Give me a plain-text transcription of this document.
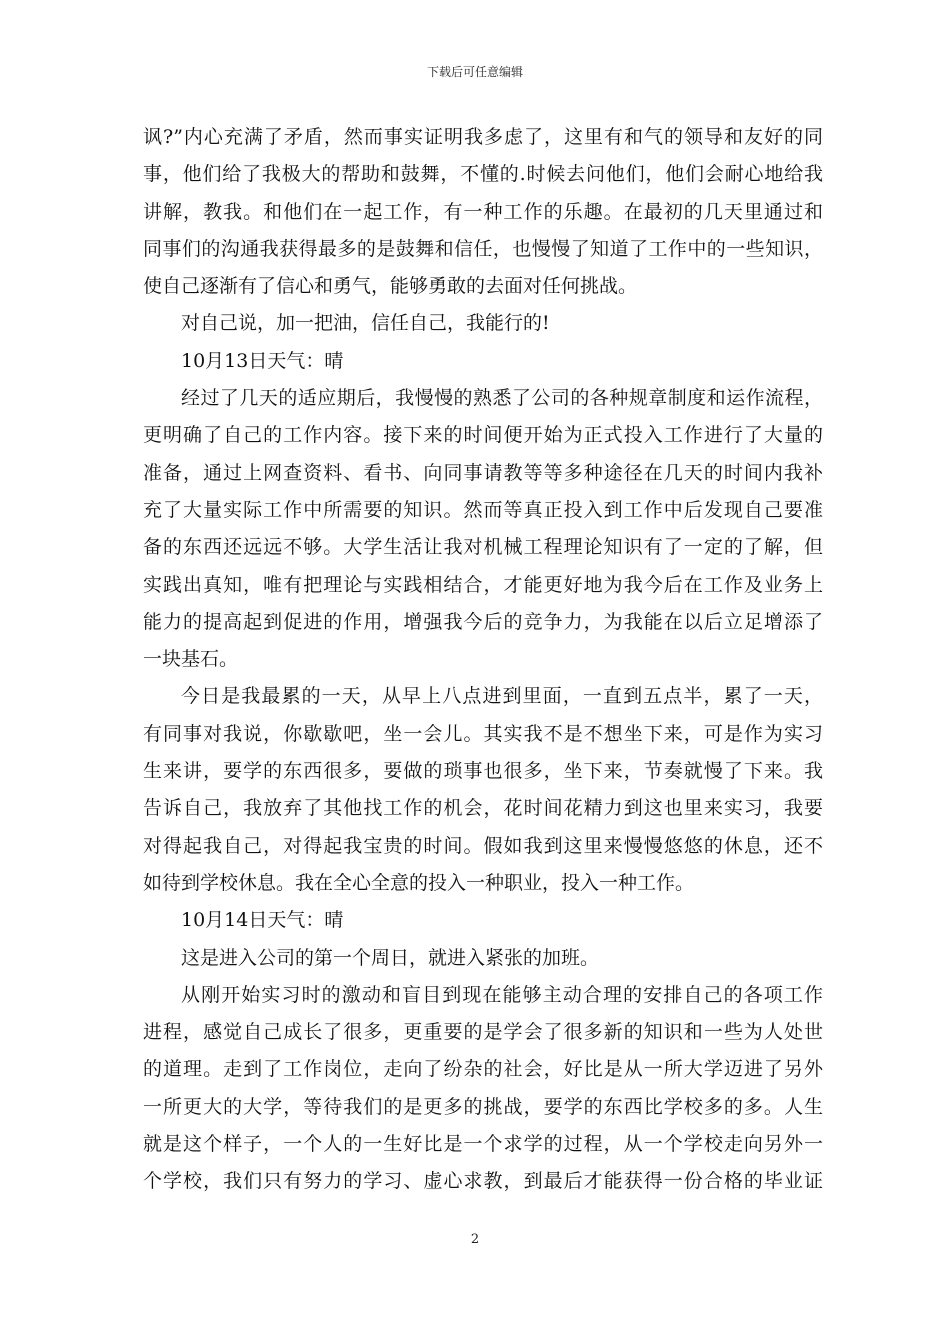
下载后可任意编辑
讽?”内心充满了矛盾，然而事实证明我多虑了，这里有和气的领导和友好的同
事，他们给了我极大的帮助和鼓舞，不懂的.时候去问他们，他们会耐心地给我
讲解，教我。和他们在一起工作，有一种工作的乐趣。在最初的几天里通过和
同事们的沟通我获得最多的是鼓舞和信任，也慢慢了知道了工作中的一些知识，
使自己逐渐有了信心和勇气，能够勇敢的去面对任何挑战。
对自己说，加一把油，信任自己，我能行的!
10月13日天气：晴
经过了几天的适应期后，我慢慢的熟悉了公司的各种规章制度和运作流程，
更明确了自己的工作内容。接下来的时间便开始为正式投入工作进行了大量的
准备，通过上网查资料、看书、向同事请教等等多种途径在几天的时间内我补
充了大量实际工作中所需要的知识。然而等真正投入到工作中后发现自己要准
备的东西还远远不够。大学生活让我对机械工程理论知识有了一定的了解，但
实践出真知，唯有把理论与实践相结合，才能更好地为我今后在工作及业务上
能力的提高起到促进的作用，增强我今后的竞争力，为我能在以后立足增添了
一块基石。
今日是我最累的一天，从早上八点进到里面，一直到五点半，累了一天，
有同事对我说，你歇歇吧，坐一会儿。其实我不是不想坐下来，可是作为实习
生来讲，要学的东西很多，要做的琐事也很多，坐下来，节奏就慢了下来。我
告诉自己，我放弃了其他找工作的机会，花时间花精力到这也里来实习，我要
对得起我自己，对得起我宝贵的时间。假如我到这里来慢慢悠悠的休息，还不
如待到学校休息。我在全心全意的投入一种职业，投入一种工作。
10月14日天气：晴
这是进入公司的第一个周日，就进入紧张的加班。
从刚开始实习时的激动和盲目到现在能够主动合理的安排自己的各项工作
进程，感觉自己成长了很多，更重要的是学会了很多新的知识和一些为人处世
的道理。走到了工作岗位，走向了纷杂的社会，好比是从一所大学迈进了另外
一所更大的大学，等待我们的是更多的挑战，要学的东西比学校多的多。人生
就是这个样子，一个人的一生好比是一个求学的过程，从一个学校走向另外一
个学校，我们只有努力的学习、虚心求教，到最后才能获得一份合格的毕业证
2
